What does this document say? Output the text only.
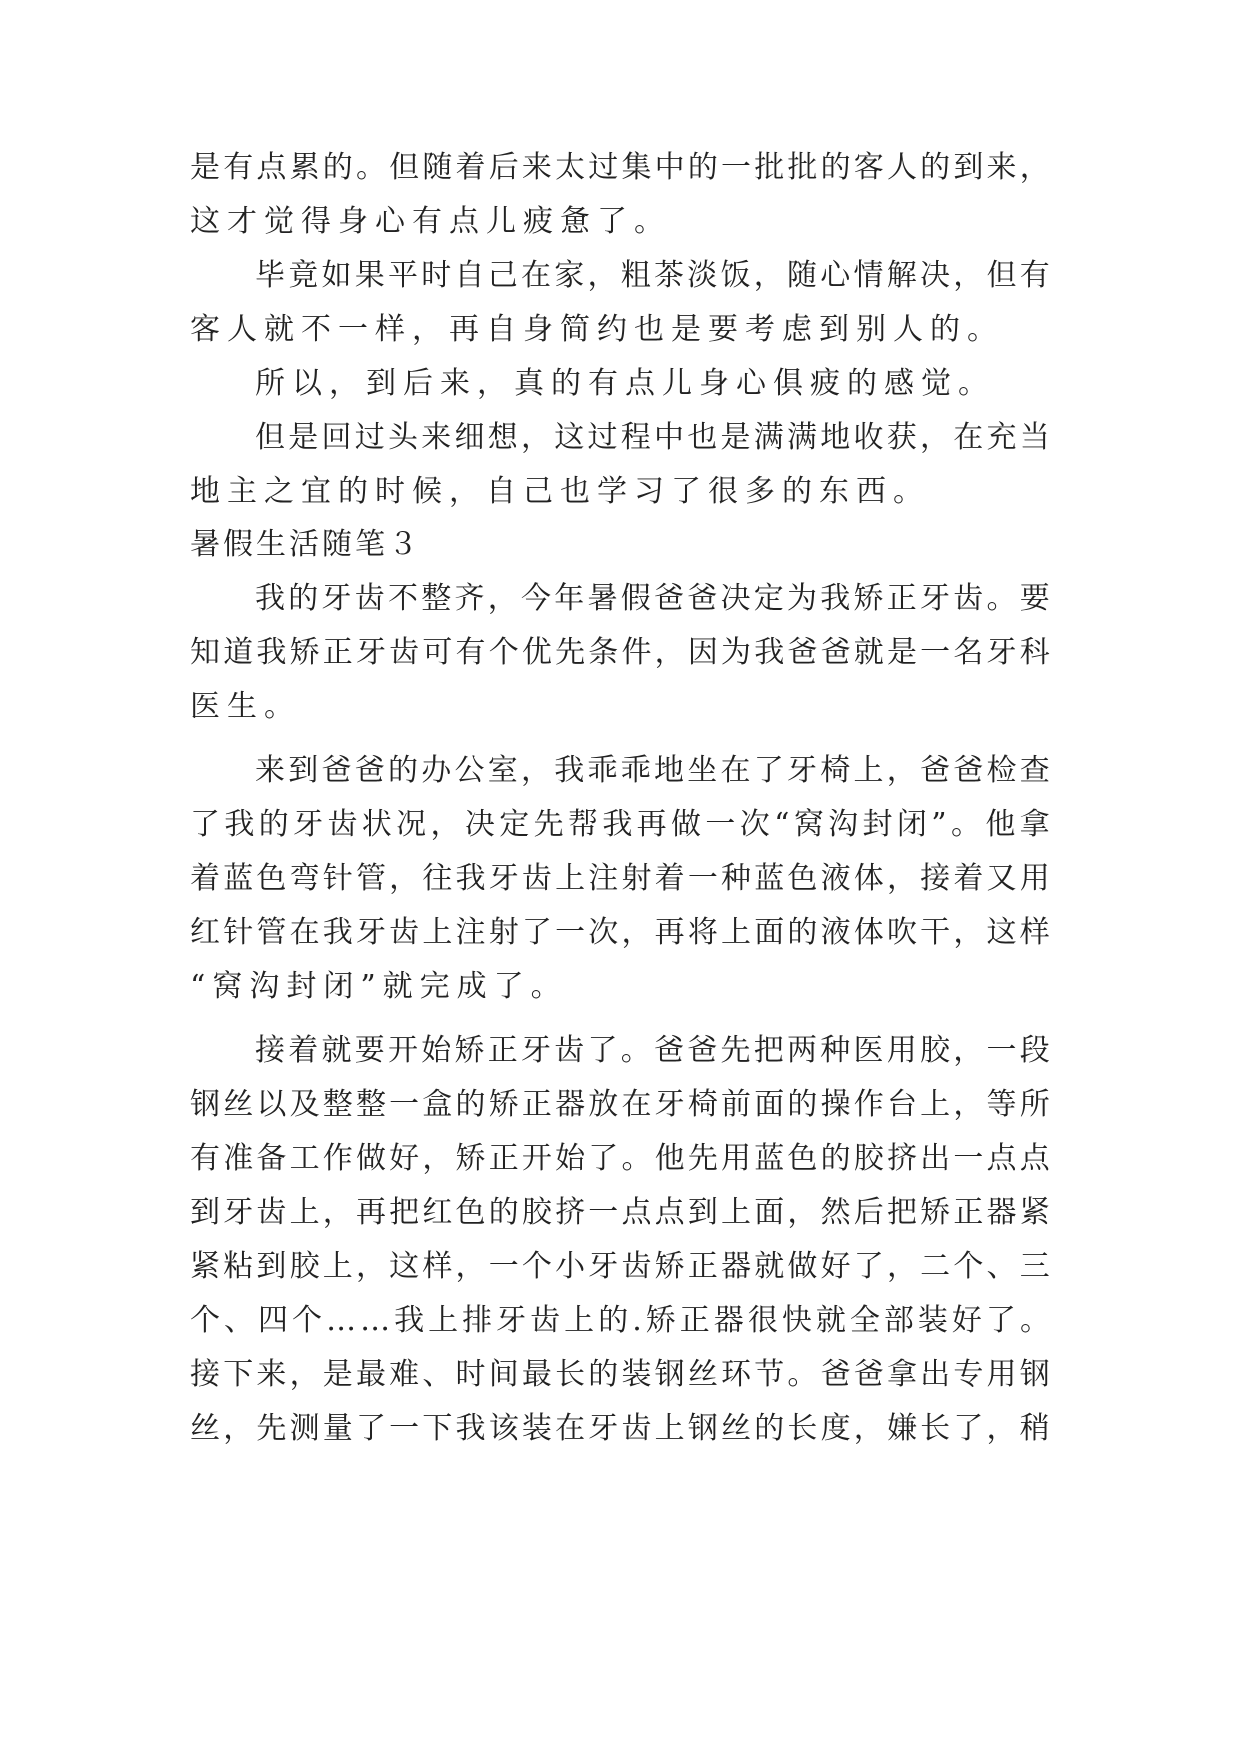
是 有 点 累 的 。 但 随 着 后 来 太 过 集 中 的 一 批 批 的 客 人 的 到 来 ，
这才觉得身心有点儿疲惫了。
毕 竟 如 果 平 时 自 己 在 家 ， 粗 茶 淡 饭 ， 随 心 情 解 决 ， 但 有
客人就不一样，再自身简约也是要考虑到别人的。
所以，到后来，真的有点儿身心俱疲的感觉。
但 是 回 过 头 来 细 想 ， 这 过 程 中 也 是 满 满 地 收 获 ， 在 充 当
地主之宜的时候，自己也学习了很多的东西。
暑假生活随笔３
我 的 牙 齿 不 整 齐 ， 今 年 暑 假 爸 爸 决 定 为 我 矫 正 牙 齿 。 要
知 道 我 矫 正 牙 齿 可 有 个 优 先 条 件 ， 因 为 我 爸 爸 就 是 一 名 牙 科
医生。
来 到 爸 爸 的 办 公 室 ， 我 乖 乖 地 坐 在 了 牙 椅 上 ， 爸 爸 检 查
了 我 的 牙 齿 状 况 ， 决 定 先 帮 我 再 做 一 次 “ 窝 沟 封 闭 ” 。 他 拿
着 蓝 色 弯 针 管 ， 往 我 牙 齿 上 注 射 着 一 种 蓝 色 液 体 ， 接 着 又 用
红 针 管 在 我 牙 齿 上 注 射 了 一 次 ， 再 将 上 面 的 液 体 吹 干 ， 这 样
“窝沟封闭”就完成了。
接 着 就 要 开 始 矫 正 牙 齿 了 。 爸 爸 先 把 两 种 医 用 胶 ， 一 段
钢 丝 以 及 整 整 一 盒 的 矫 正 器 放 在 牙 椅 前 面 的 操 作 台 上 ， 等 所
有 准 备 工 作 做 好 ， 矫 正 开 始 了 。 他 先 用 蓝 色 的 胶 挤 出 一 点 点
到 牙 齿 上 ， 再 把 红 色 的 胶 挤 一 点 点 到 上 面 ， 然 后 把 矫 正 器 紧
紧 粘 到 胶 上 ， 这 样 ， 一 个 小 牙 齿 矫 正 器 就 做 好 了 ， 二 个 、 三
个 、 四 个 … … 我 上 排 牙 齿 上 的 . 矫 正 器 很 快 就 全 部 装 好 了 。
接 下 来 ， 是 最 难 、 时 间 最 长 的 装 钢 丝 环 节 。 爸 爸 拿 出 专 用 钢
丝 ， 先 测 量 了 一 下 我 该 装 在 牙 齿 上 钢 丝 的 长 度 ， 嫌 长 了 ， 稍
